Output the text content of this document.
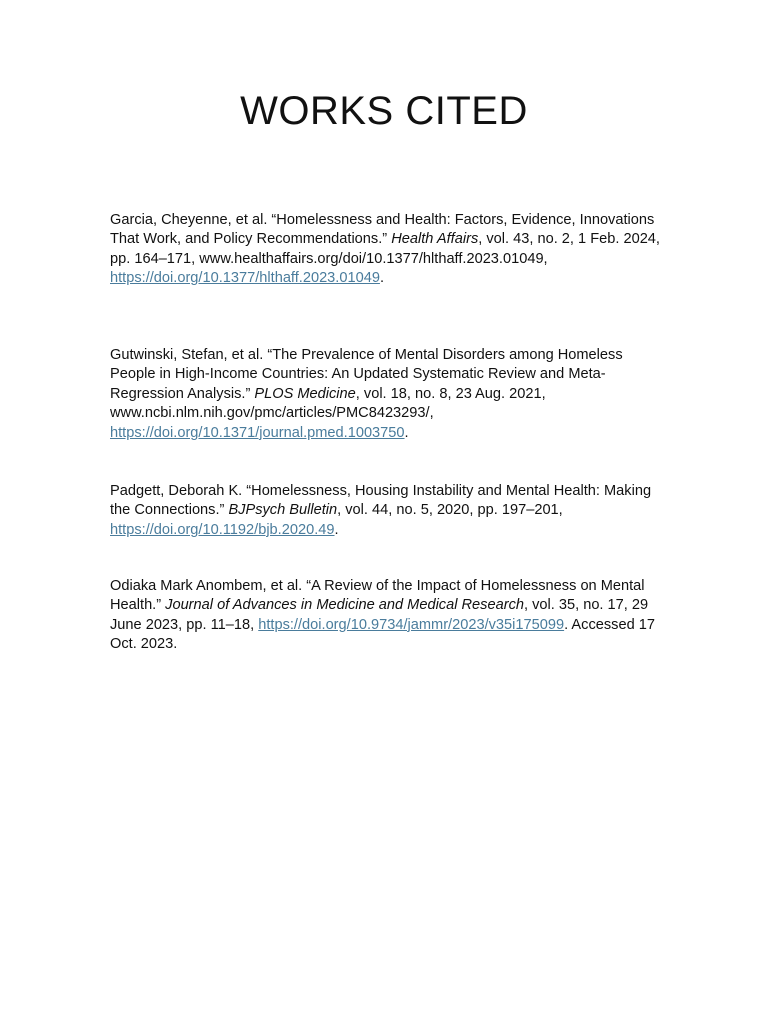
WORKS CITED

Garcia, Cheyenne, et al. “Homelessness and Health: Factors, Evidence, Innovations That Work, and Policy Recommendations.” Health Affairs, vol. 43, no. 2, 1 Feb. 2024, pp. 164–171, www.healthaffairs.org/doi/10.1377/hlthaff.2023.01049, https://doi.org/10.1377/hlthaff.2023.01049.

Gutwinski, Stefan, et al. “The Prevalence of Mental Disorders among Homeless People in High-Income Countries: An Updated Systematic Review and Meta-Regression Analysis.” PLOS Medicine, vol. 18, no. 8, 23 Aug. 2021, www.ncbi.nlm.nih.gov/pmc/articles/PMC8423293/, https://doi.org/10.1371/journal.pmed.1003750.

Padgett, Deborah K. “Homelessness, Housing Instability and Mental Health: Making the Connections.” BJPsych Bulletin, vol. 44, no. 5, 2020, pp. 197–201, https://doi.org/10.1192/bjb.2020.49.

Odiaka Mark Anombem, et al. “A Review of the Impact of Homelessness on Mental Health.” Journal of Advances in Medicine and Medical Research, vol. 35, no. 17, 29 June 2023, pp. 11–18, https://doi.org/10.9734/jammr/2023/v35i175099. Accessed 17 Oct. 2023.
